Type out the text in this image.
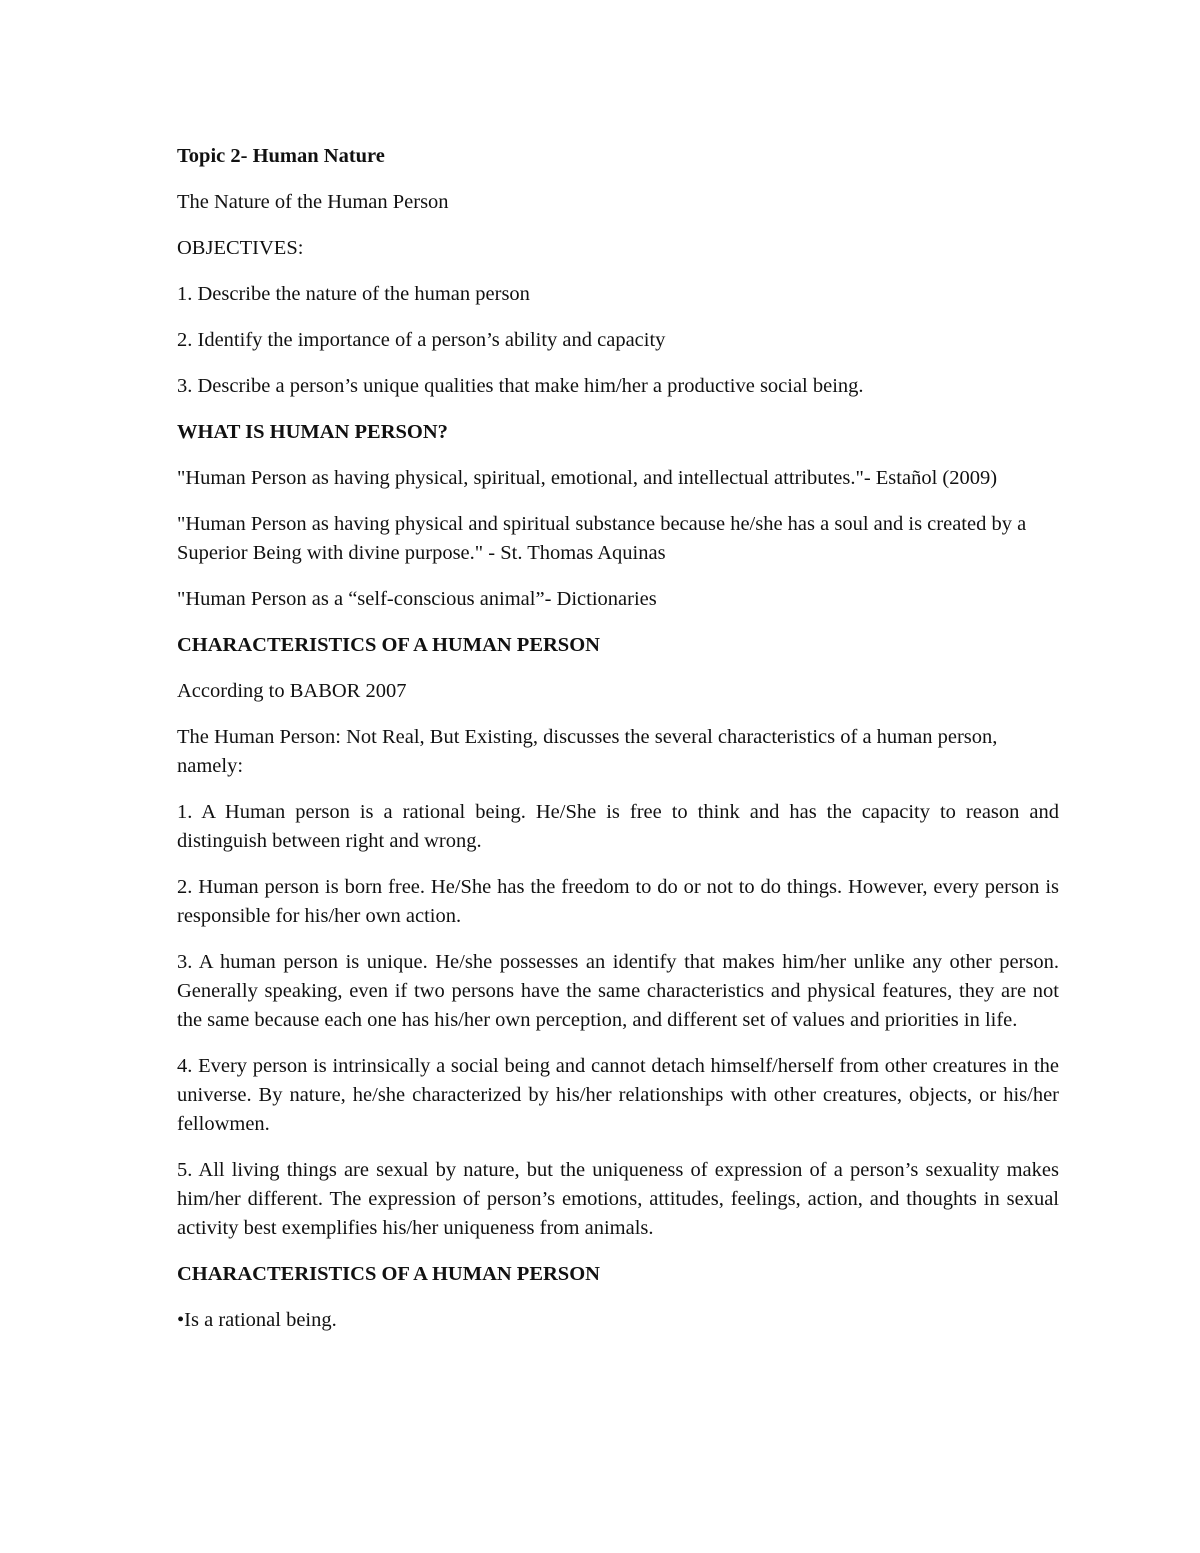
Topic 2- Human Nature
The Nature of the Human Person
OBJECTIVES:
1. Describe the nature of the human person
2. Identify the importance of a person’s ability and capacity
3. Describe a person’s unique qualities that make him/her a productive social being.
WHAT IS HUMAN PERSON?
"Human Person as having physical, spiritual, emotional, and intellectual attributes."- Estañol (2009)
"Human Person as having physical and spiritual substance because he/she has a soul and is created by a Superior Being with divine purpose." - St. Thomas Aquinas
"Human Person as a “self-conscious animal”- Dictionaries
CHARACTERISTICS OF A HUMAN PERSON
According to BABOR 2007
The Human Person: Not Real, But Existing, discusses the several characteristics of a human person, namely:
1. A Human person is a rational being. He/She is free to think and has the capacity to reason and distinguish between right and wrong.
2. Human person is born free. He/She has the freedom to do or not to do things. However, every person is responsible for his/her own action.
3. A human person is unique. He/she possesses an identify that makes him/her unlike any other person. Generally speaking, even if two persons have the same characteristics and physical features, they are not the same because each one has his/her own perception, and different set of values and priorities in life.
4. Every person is intrinsically a social being and cannot detach himself/herself from other creatures in the universe. By nature, he/she characterized by his/her relationships with other creatures, objects, or his/her fellowmen.
5. All living things are sexual by nature, but the uniqueness of expression of a person’s sexuality makes him/her different. The expression of person’s emotions, attitudes, feelings, action, and thoughts in sexual activity best exemplifies his/her uniqueness from animals.
CHARACTERISTICS OF A HUMAN PERSON
•Is a rational being.
